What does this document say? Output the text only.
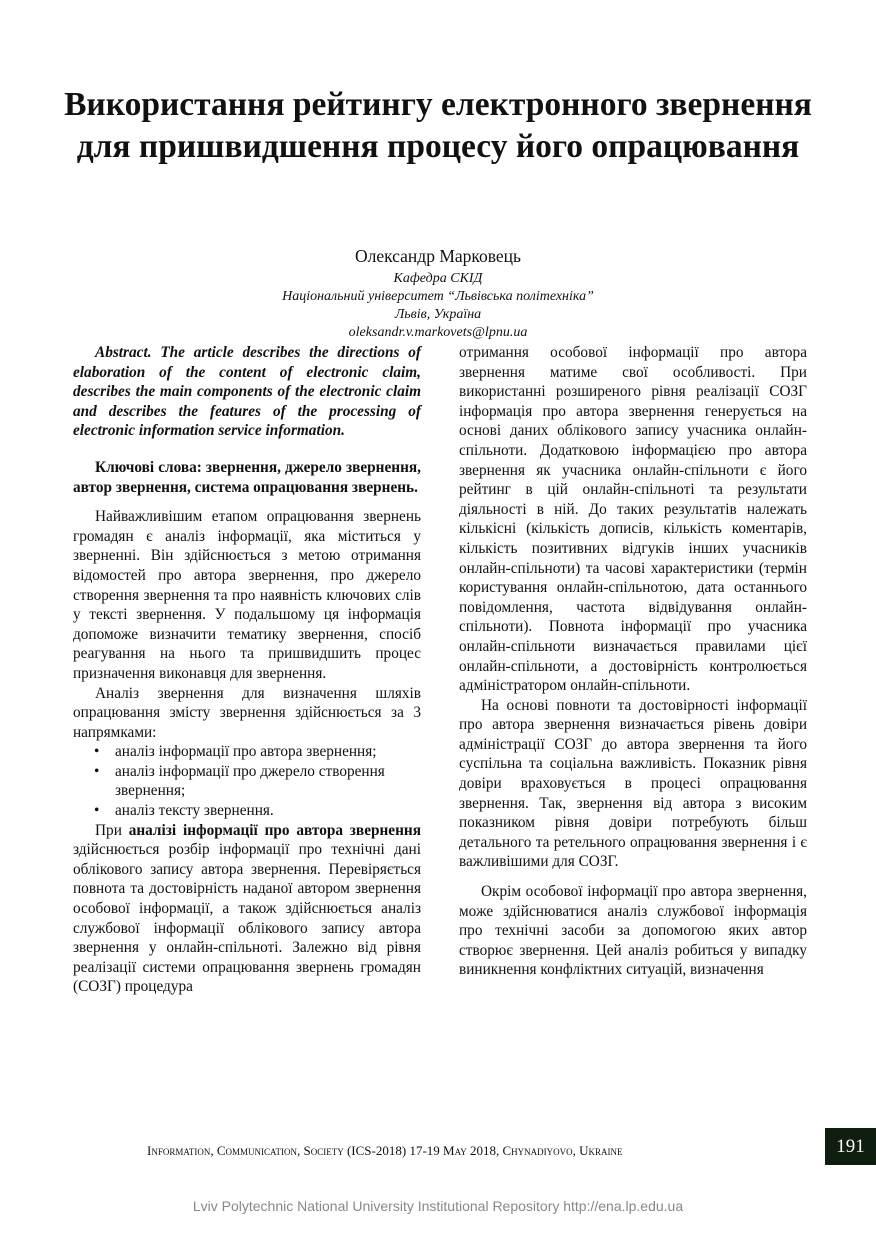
Використання рейтингу електронного звернення для пришвидшення процесу його опрацювання
Олександр Марковець
Кафедра СКІД
Національний університет “Львівська політехніка”
Львів, Україна
oleksandr.v.markovets@lpnu.ua

Abstract. The article describes the directions of elaboration of the content of electronic claim, describes the main components of the electronic claim and describes the features of the processing of electronic information service information.

Ключові слова: звернення, джерело звернення, автор звернення, система опрацювання звернень.

Найважливішим етапом опрацювання звернень громадян є аналіз інформації, яка міститься у зверненні. Він здійснюється з метою отримання відомостей про автора звернення, про джерело створення звернення та про наявність ключових слів у тексті звернення. У подальшому ця інформація допоможе визначити тематику звернення, спосіб реагування на нього та пришвидшить процес призначення виконавця для звернення.

Аналіз звернення для визначення шляхів опрацювання змісту звернення здійснюється за 3 напрямками:

• аналіз інформації про автора звернення;
• аналіз інформації про джерело створення звернення;
• аналіз тексту звернення.

При аналізі інформації про автора звернення здійснюється розбір інформації про технічні дані облікового запису автора звернення. Перевіряється повнота та достовірність наданої автором звернення особової інформації, а також здійснюється аналіз службової інформації облікового запису автора звернення у онлайн-спільноті. Залежно від рівня реалізації системи опрацювання звернень громадян (СОЗГ) процедура

отримання особової інформації про автора звернення матиме свої особливості. При використанні розширеного рівня реалізації СОЗГ інформація про автора звернення генерується на основі даних облікового запису учасника онлайн-спільноти. Додатковою інформацією про автора звернення як учасника онлайн-спільноти є його рейтинг в цій онлайн-спільноті та результати діяльності в ній. До таких результатів належать кількісні (кількість дописів, кількість коментарів, кількість позитивних відгуків інших учасників онлайн-спільноти) та часові характеристики (термін користування онлайн-спільнотою, дата останнього повідомлення, частота відвідування онлайн-спільноти). Повнота інформації про учасника онлайн-спільноти визначається правилами цієї онлайн-спільноти, а достовірність контролюється адміністратором онлайн-спільноти.

На основі повноти та достовірності інформації про автора звернення визначається рівень довіри адміністрації СОЗГ до автора звернення та його суспільна та соціальна важливість. Показник рівня довіри враховується в процесі опрацювання звернення. Так, звернення від автора з високим показником рівня довіри потребують більш детального та ретельного опрацювання звернення і є важливішими для СОЗГ.

Окрім особової інформації про автора звернення, може здійснюватися аналіз службової інформація про технічні засоби за допомогою яких автор створює звернення. Цей аналіз робиться у випадку виникнення конфліктних ситуацій, визначення

Information, Communication, Society (ICS-2018) 17-19 May 2018, Chynadiyovo, Ukraine	191
Lviv Polytechnic National University Institutional Repository http://ena.lp.edu.ua
